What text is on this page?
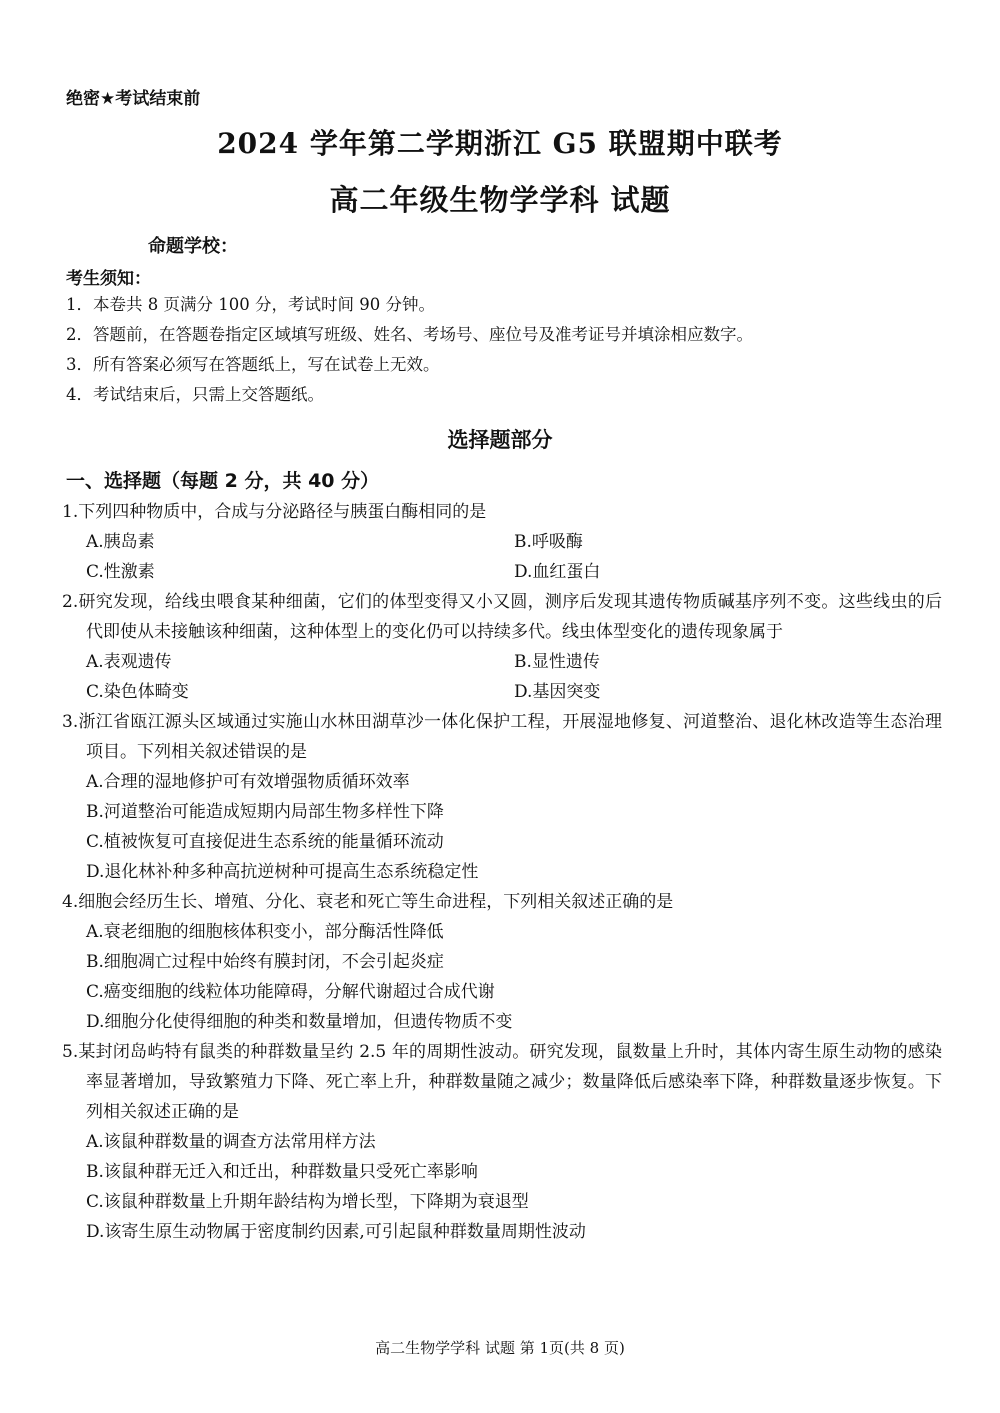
绝密★考试结束前
2024 学年第二学期浙江 G5 联盟期中联考
高二年级生物学学科 试题
命题学校：
考生须知：
1．本卷共 8 页满分 100 分，考试时间 90 分钟。
2．答题前，在答题卷指定区域填写班级、姓名、考场号、座位号及准考证号并填涂相应数字。
3．所有答案必须写在答题纸上，写在试卷上无效。
4．考试结束后，只需上交答题纸。
选择题部分
一、选择题（每题 2 分，共 40 分）
1.下列四种物质中，合成与分泌路径与胰蛋白酶相同的是
A.胰岛素	B.呼吸酶
C.性激素	D.血红蛋白
2.研究发现，给线虫喂食某种细菌，它们的体型变得又小又圆，测序后发现其遗传物质碱基序列不变。这些线虫的后代即使从未接触该种细菌，这种体型上的变化仍可以持续多代。线虫体型变化的遗传现象属于
A.表观遗传	B.显性遗传
C.染色体畸变	D.基因突变
3.浙江省瓯江源头区域通过实施山水林田湖草沙一体化保护工程，开展湿地修复、河道整治、退化林改造等生态治理项目。下列相关叙述错误的是
A.合理的湿地修护可有效增强物质循环效率
B.河道整治可能造成短期内局部生物多样性下降
C.植被恢复可直接促进生态系统的能量循环流动
D.退化林补种多种高抗逆树种可提高生态系统稳定性
4.细胞会经历生长、增殖、分化、衰老和死亡等生命进程，下列相关叙述正确的是
A.衰老细胞的细胞核体积变小，部分酶活性降低
B.细胞凋亡过程中始终有膜封闭，不会引起炎症
C.癌变细胞的线粒体功能障碍，分解代谢超过合成代谢
D.细胞分化使得细胞的种类和数量增加，但遗传物质不变
5.某封闭岛屿特有鼠类的种群数量呈约 2.5 年的周期性波动。研究发现，鼠数量上升时，其体内寄生原生动物的感染率显著增加，导致繁殖力下降、死亡率上升，种群数量随之减少；数量降低后感染率下降，种群数量逐步恢复。下列相关叙述正确的是
A.该鼠种群数量的调查方法常用样方法
B.该鼠种群无迁入和迁出，种群数量只受死亡率影响
C.该鼠种群数量上升期年龄结构为增长型，下降期为衰退型
D.该寄生原生动物属于密度制约因素,可引起鼠种群数量周期性波动
高二生物学学科 试题 第 1页(共 8 页)
